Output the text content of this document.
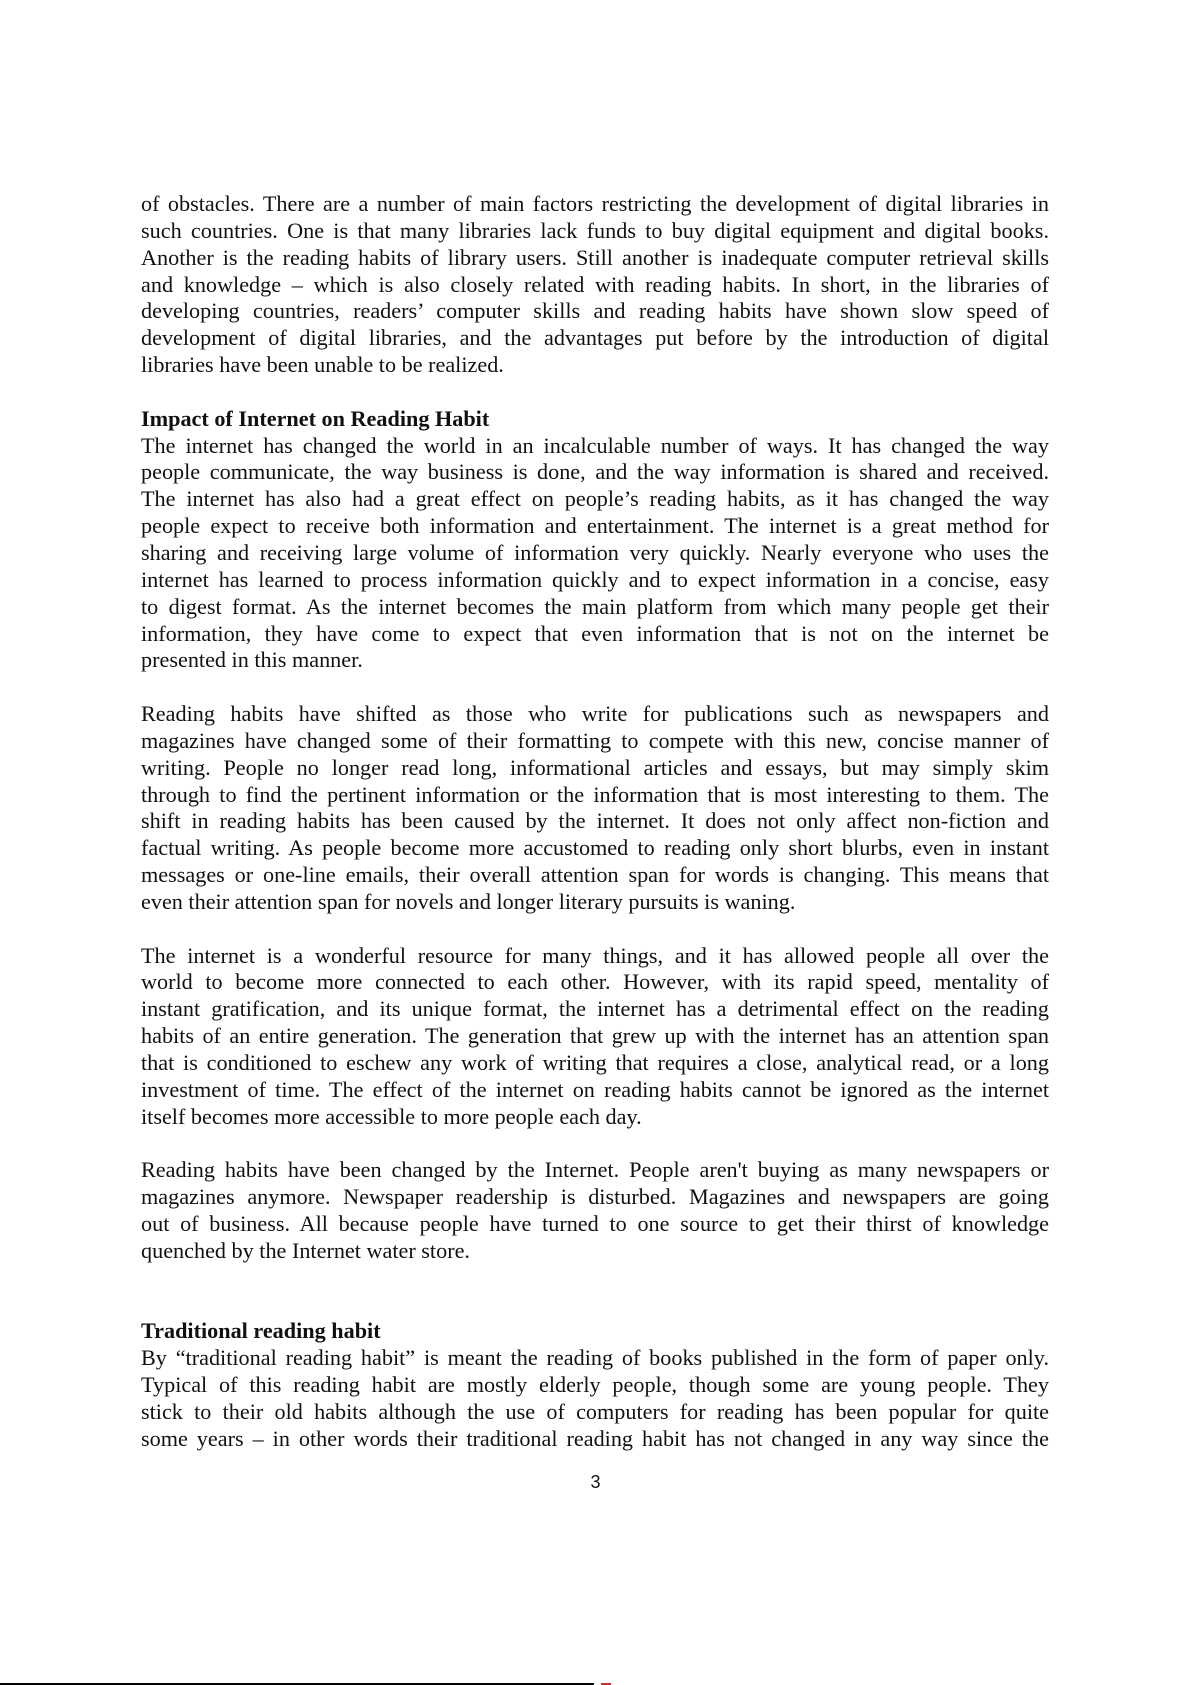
of obstacles. There are a number of main factors restricting the development of digital libraries in
such countries. One is that many libraries lack funds to buy digital equipment and digital books.
Another is the reading habits of library users. Still another is inadequate computer retrieval skills
and knowledge – which is also closely related with reading habits. In short, in the libraries of
developing countries, readers’ computer skills and reading habits have shown slow speed of
development of digital libraries, and the advantages put before by the introduction of digital
libraries have been unable to be realized.
Impact of Internet on Reading Habit
The internet has changed the world in an incalculable number of ways. It has changed the way
people communicate, the way business is done, and the way information is shared and received.
The internet has also had a great effect on people’s reading habits, as it has changed the way
people expect to receive both information and entertainment. The internet is a great method for
sharing and receiving large volume of information very quickly. Nearly everyone who uses the
internet has learned to process information quickly and to expect information in a concise, easy
to digest format. As the internet becomes the main platform from which many people get their
information, they have come to expect that even information that is not on the internet be
presented in this manner.
Reading habits have shifted as those who write for publications such as newspapers and
magazines have changed some of their formatting to compete with this new, concise manner of
writing. People no longer read long, informational articles and essays, but may simply skim
through to find the pertinent information or the information that is most interesting to them. The
shift in reading habits has been caused by the internet. It does not only affect non-fiction and
factual writing. As people become more accustomed to reading only short blurbs, even in instant
messages or one-line emails, their overall attention span for words is changing. This means that
even their attention span for novels and longer literary pursuits is waning.
The internet is a wonderful resource for many things, and it has allowed people all over the
world to become more connected to each other. However, with its rapid speed, mentality of
instant gratification, and its unique format, the internet has a detrimental effect on the reading
habits of an entire generation. The generation that grew up with the internet has an attention span
that is conditioned to eschew any work of writing that requires a close, analytical read, or a long
investment of time. The effect of the internet on reading habits cannot be ignored as the internet
itself becomes more accessible to more people each day.
Reading habits have been changed by the Internet. People aren't buying as many newspapers or
magazines anymore. Newspaper readership is disturbed. Magazines and newspapers are going
out of business. All because people have turned to one source to get their thirst of knowledge
quenched by the Internet water store.
Traditional reading habit
By “traditional reading habit” is meant the reading of books published in the form of paper only.
Typical of this reading habit are mostly elderly people, though some are young people. They
stick to their old habits although the use of computers for reading has been popular for quite
some years – in other words their traditional reading habit has not changed in any way since the
3
